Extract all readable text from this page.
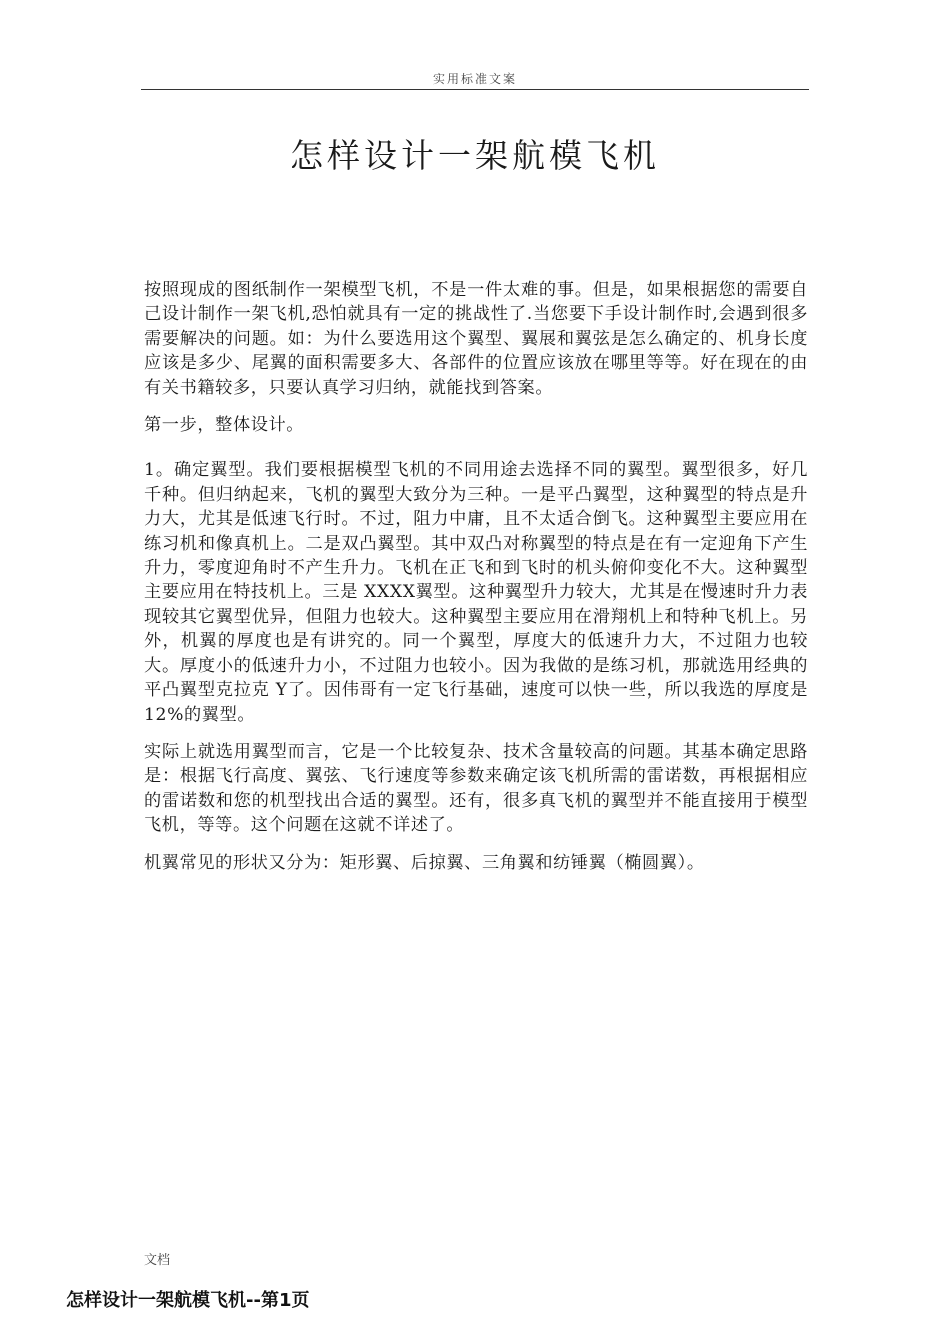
实用标准文案
怎样设计一架航模飞机

按照现成的图纸制作一架模型飞机，不是一件太难的事。但是，如果根据您的需要自己设计制作一架飞机,恐怕就具有一定的挑战性了.当您要下手设计制作时,会遇到很多需要解决的问题。如：为什么要选用这个翼型、翼展和翼弦是怎么确定的、机身长度应该是多少、尾翼的面积需要多大、各部件的位置应该放在哪里等等。好在现在的由有关书籍较多，只要认真学习归纳，就能找到答案。

第一步，整体设计。

1。确定翼型。我们要根据模型飞机的不同用途去选择不同的翼型。翼型很多，好几千种。但归纳起来，飞机的翼型大致分为三种。一是平凸翼型，这种翼型的特点是升力大，尤其是低速飞行时。不过，阻力中庸，且不太适合倒飞。这种翼型主要应用在练习机和像真机上。二是双凸翼型。其中双凸对称翼型的特点是在有一定迎角下产生升力，零度迎角时不产生升力。飞机在正飞和到飞时的机头俯仰变化不大。这种翼型主要应用在特技机上。三是 XXXX翼型。这种翼型升力较大，尤其是在慢速时升力表现较其它翼型优异，但阻力也较大。这种翼型主要应用在滑翔机上和特种飞机上。另外，机翼的厚度也是有讲究的。同一个翼型，厚度大的低速升力大，不过阻力也较大。厚度小的低速升力小，不过阻力也较小。因为我做的是练习机，那就选用经典的平凸翼型克拉克 Y了。因伟哥有一定飞行基础，速度可以快一些，所以我选的厚度是 12%的翼型。

实际上就选用翼型而言，它是一个比较复杂、技术含量较高的问题。其基本确定思路是：根据飞行高度、翼弦、飞行速度等参数来确定该飞机所需的雷诺数，再根据相应的雷诺数和您的机型找出合适的翼型。还有，很多真飞机的翼型并不能直接用于模型飞机，等等。这个问题在这就不详述了。

机翼常见的形状又分为：矩形翼、后掠翼、三角翼和纺锤翼（椭圆翼）。

文档
怎样设计一架航模飞机--第1页
